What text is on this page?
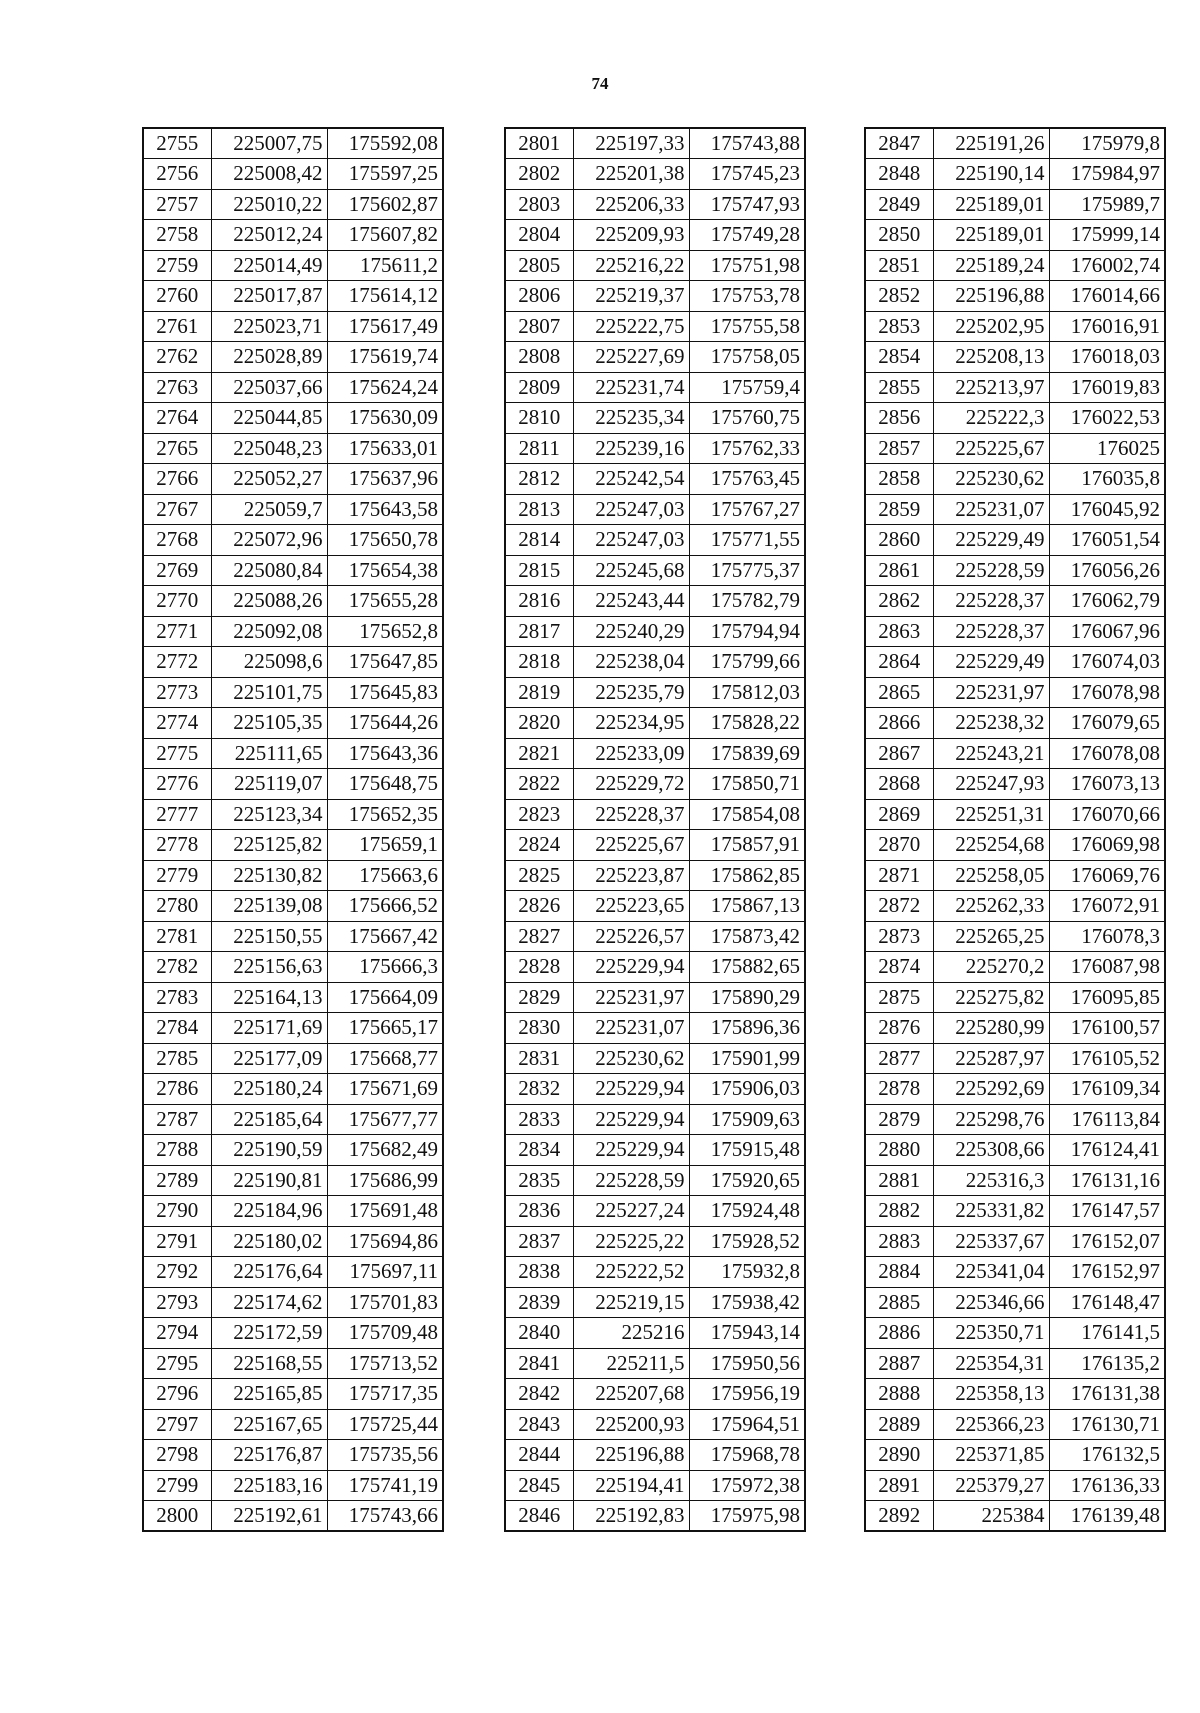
74
2755	225007,75	175592,08
2756	225008,42	175597,25
2757	225010,22	175602,87
2758	225012,24	175607,82
2759	225014,49	175611,2
2760	225017,87	175614,12
2761	225023,71	175617,49
2762	225028,89	175619,74
2763	225037,66	175624,24
2764	225044,85	175630,09
2765	225048,23	175633,01
2766	225052,27	175637,96
2767	225059,7	175643,58
2768	225072,96	175650,78
2769	225080,84	175654,38
2770	225088,26	175655,28
2771	225092,08	175652,8
2772	225098,6	175647,85
2773	225101,75	175645,83
2774	225105,35	175644,26
2775	225111,65	175643,36
2776	225119,07	175648,75
2777	225123,34	175652,35
2778	225125,82	175659,1
2779	225130,82	175663,6
2780	225139,08	175666,52
2781	225150,55	175667,42
2782	225156,63	175666,3
2783	225164,13	175664,09
2784	225171,69	175665,17
2785	225177,09	175668,77
2786	225180,24	175671,69
2787	225185,64	175677,77
2788	225190,59	175682,49
2789	225190,81	175686,99
2790	225184,96	175691,48
2791	225180,02	175694,86
2792	225176,64	175697,11
2793	225174,62	175701,83
2794	225172,59	175709,48
2795	225168,55	175713,52
2796	225165,85	175717,35
2797	225167,65	175725,44
2798	225176,87	175735,56
2799	225183,16	175741,19
2800	225192,61	175743,66
2801	225197,33	175743,88
2802	225201,38	175745,23
2803	225206,33	175747,93
2804	225209,93	175749,28
2805	225216,22	175751,98
2806	225219,37	175753,78
2807	225222,75	175755,58
2808	225227,69	175758,05
2809	225231,74	175759,4
2810	225235,34	175760,75
2811	225239,16	175762,33
2812	225242,54	175763,45
2813	225247,03	175767,27
2814	225247,03	175771,55
2815	225245,68	175775,37
2816	225243,44	175782,79
2817	225240,29	175794,94
2818	225238,04	175799,66
2819	225235,79	175812,03
2820	225234,95	175828,22
2821	225233,09	175839,69
2822	225229,72	175850,71
2823	225228,37	175854,08
2824	225225,67	175857,91
2825	225223,87	175862,85
2826	225223,65	175867,13
2827	225226,57	175873,42
2828	225229,94	175882,65
2829	225231,97	175890,29
2830	225231,07	175896,36
2831	225230,62	175901,99
2832	225229,94	175906,03
2833	225229,94	175909,63
2834	225229,94	175915,48
2835	225228,59	175920,65
2836	225227,24	175924,48
2837	225225,22	175928,52
2838	225222,52	175932,8
2839	225219,15	175938,42
2840	225216	175943,14
2841	225211,5	175950,56
2842	225207,68	175956,19
2843	225200,93	175964,51
2844	225196,88	175968,78
2845	225194,41	175972,38
2846	225192,83	175975,98
2847	225191,26	175979,8
2848	225190,14	175984,97
2849	225189,01	175989,7
2850	225189,01	175999,14
2851	225189,24	176002,74
2852	225196,88	176014,66
2853	225202,95	176016,91
2854	225208,13	176018,03
2855	225213,97	176019,83
2856	225222,3	176022,53
2857	225225,67	176025
2858	225230,62	176035,8
2859	225231,07	176045,92
2860	225229,49	176051,54
2861	225228,59	176056,26
2862	225228,37	176062,79
2863	225228,37	176067,96
2864	225229,49	176074,03
2865	225231,97	176078,98
2866	225238,32	176079,65
2867	225243,21	176078,08
2868	225247,93	176073,13
2869	225251,31	176070,66
2870	225254,68	176069,98
2871	225258,05	176069,76
2872	225262,33	176072,91
2873	225265,25	176078,3
2874	225270,2	176087,98
2875	225275,82	176095,85
2876	225280,99	176100,57
2877	225287,97	176105,52
2878	225292,69	176109,34
2879	225298,76	176113,84
2880	225308,66	176124,41
2881	225316,3	176131,16
2882	225331,82	176147,57
2883	225337,67	176152,07
2884	225341,04	176152,97
2885	225346,66	176148,47
2886	225350,71	176141,5
2887	225354,31	176135,2
2888	225358,13	176131,38
2889	225366,23	176130,71
2890	225371,85	176132,5
2891	225379,27	176136,33
2892	225384	176139,48
